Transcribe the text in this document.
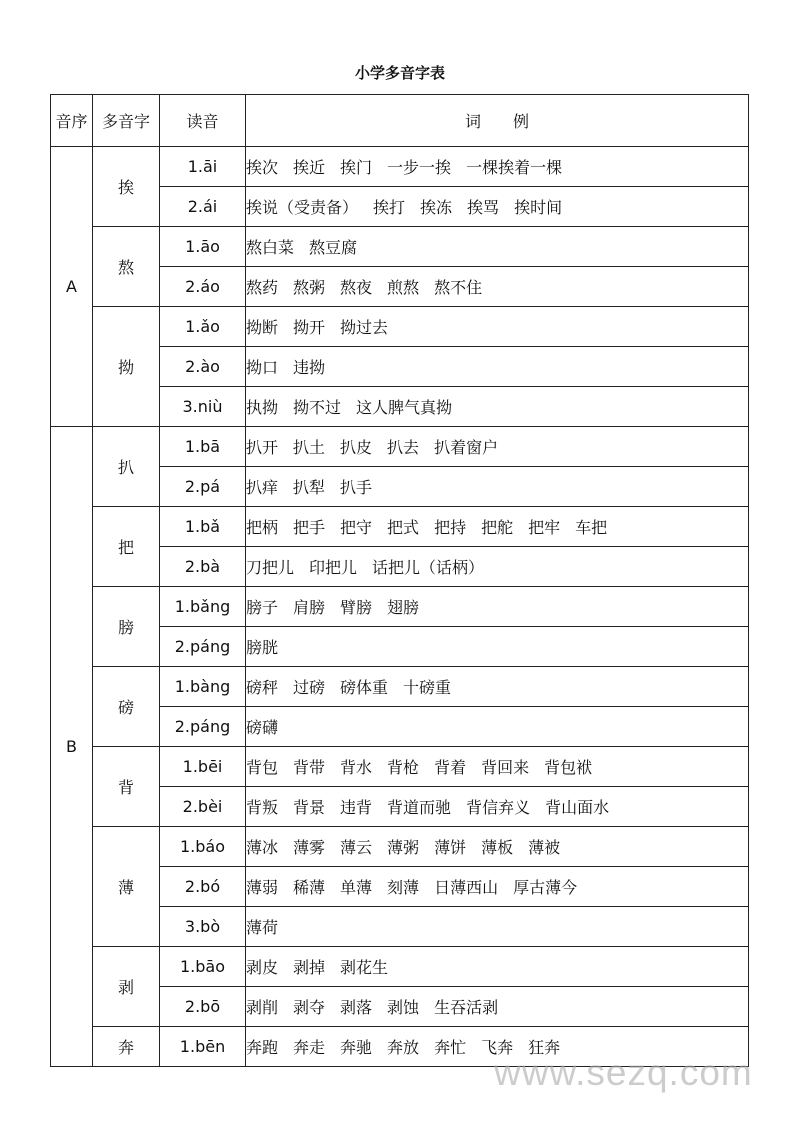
小学多音字表
音序	多音字	读音	词　　例
A	挨	1.āi	挨次 挨近 挨门 一步一挨 一棵挨着一棵
		2.ái	挨说（受责备） 挨打 挨冻 挨骂 挨时间
	熬	1.āo	熬白菜 熬豆腐
		2.áo	熬药 熬粥 熬夜 煎熬 熬不住
	拗	1.ǎo	拗断 拗开 拗过去
		2.ào	拗口 违拗
		3.niù	执拗 拗不过 这人脾气真拗
B	扒	1.bā	扒开 扒土 扒皮 扒去 扒着窗户
		2.pá	扒痒 扒犁 扒手
	把	1.bǎ	把柄 把手 把守 把式 把持 把舵 把牢 车把
		2.bà	刀把儿 印把儿 话把儿（话柄）
	膀	1.bǎng	膀子 肩膀 臂膀 翅膀
		2.páng	膀胱
	磅	1.bàng	磅秤 过磅 磅体重 十磅重
		2.páng	磅礴
	背	1.bēi	背包 背带 背水 背枪 背着 背回来 背包袱
		2.bèi	背叛 背景 违背 背道而驰 背信弃义 背山面水
	薄	1.báo	薄冰 薄雾 薄云 薄粥 薄饼 薄板 薄被
		2.bó	薄弱 稀薄 单薄 刻薄 日薄西山 厚古薄今
		3.bò	薄荷
	剥	1.bāo	剥皮 剥掉 剥花生
		2.bō	剥削 剥夺 剥落 剥蚀 生吞活剥
	奔	1.bēn	奔跑 奔走 奔驰 奔放 奔忙 飞奔 狂奔
www.sezq.com
